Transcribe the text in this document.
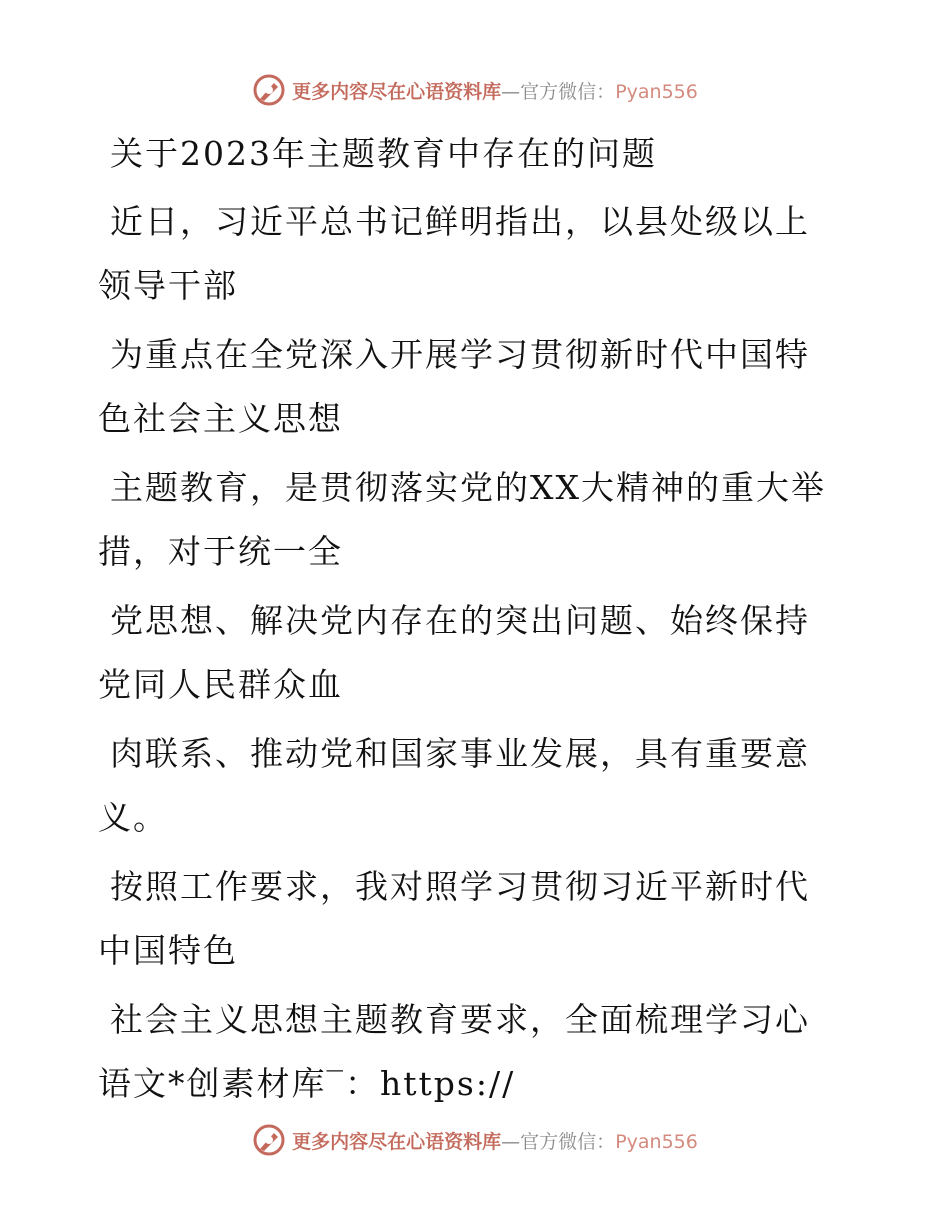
更多内容尽在心语资料库—官方微信：Pyan556

关于2023年主题教育中存在的问题

近日，习近平总书记鲜明指出，以县处级以上领导干部

为重点在全党深入开展学习贯彻新时代中国特色社会主义思想

主题教育，是贯彻落实党的XX大精神的重大举措，对于统一全

党思想、解决党内存在的突出问题、始终保持党同人民群众血

肉联系、推动党和国家事业发展，具有重要意义。

按照工作要求，我对照学习贯彻习近平新时代中国特色

社会主义思想主题教育要求，全面梳理学习心语文*创素材库‾：https://

更多内容尽在心语资料库—官方微信：Pyan556
